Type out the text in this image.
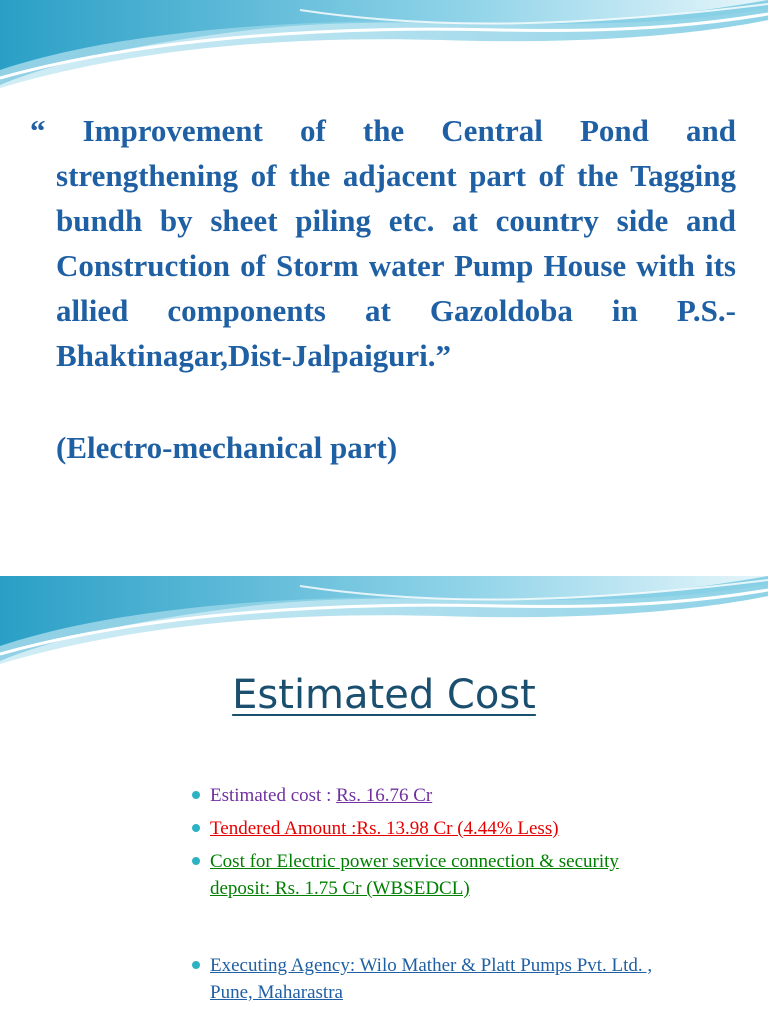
“ Improvement of the Central Pond and strengthening of the adjacent part of the Tagging bundh by sheet piling etc. at country side and Construction of Storm water Pump House with its allied components at Gazoldoba in P.S.- Bhaktinagar,Dist-Jalpaiguri.”
(Electro-mechanical part)
Estimated Cost
Estimated cost : Rs. 16.76 Cr
Tendered Amount :Rs. 13.98 Cr (4.44% Less)
Cost for Electric power service connection & security deposit: Rs. 1.75 Cr (WBSEDCL)
Executing Agency: Wilo Mather & Platt Pumps Pvt. Ltd. , Pune, Maharastra
